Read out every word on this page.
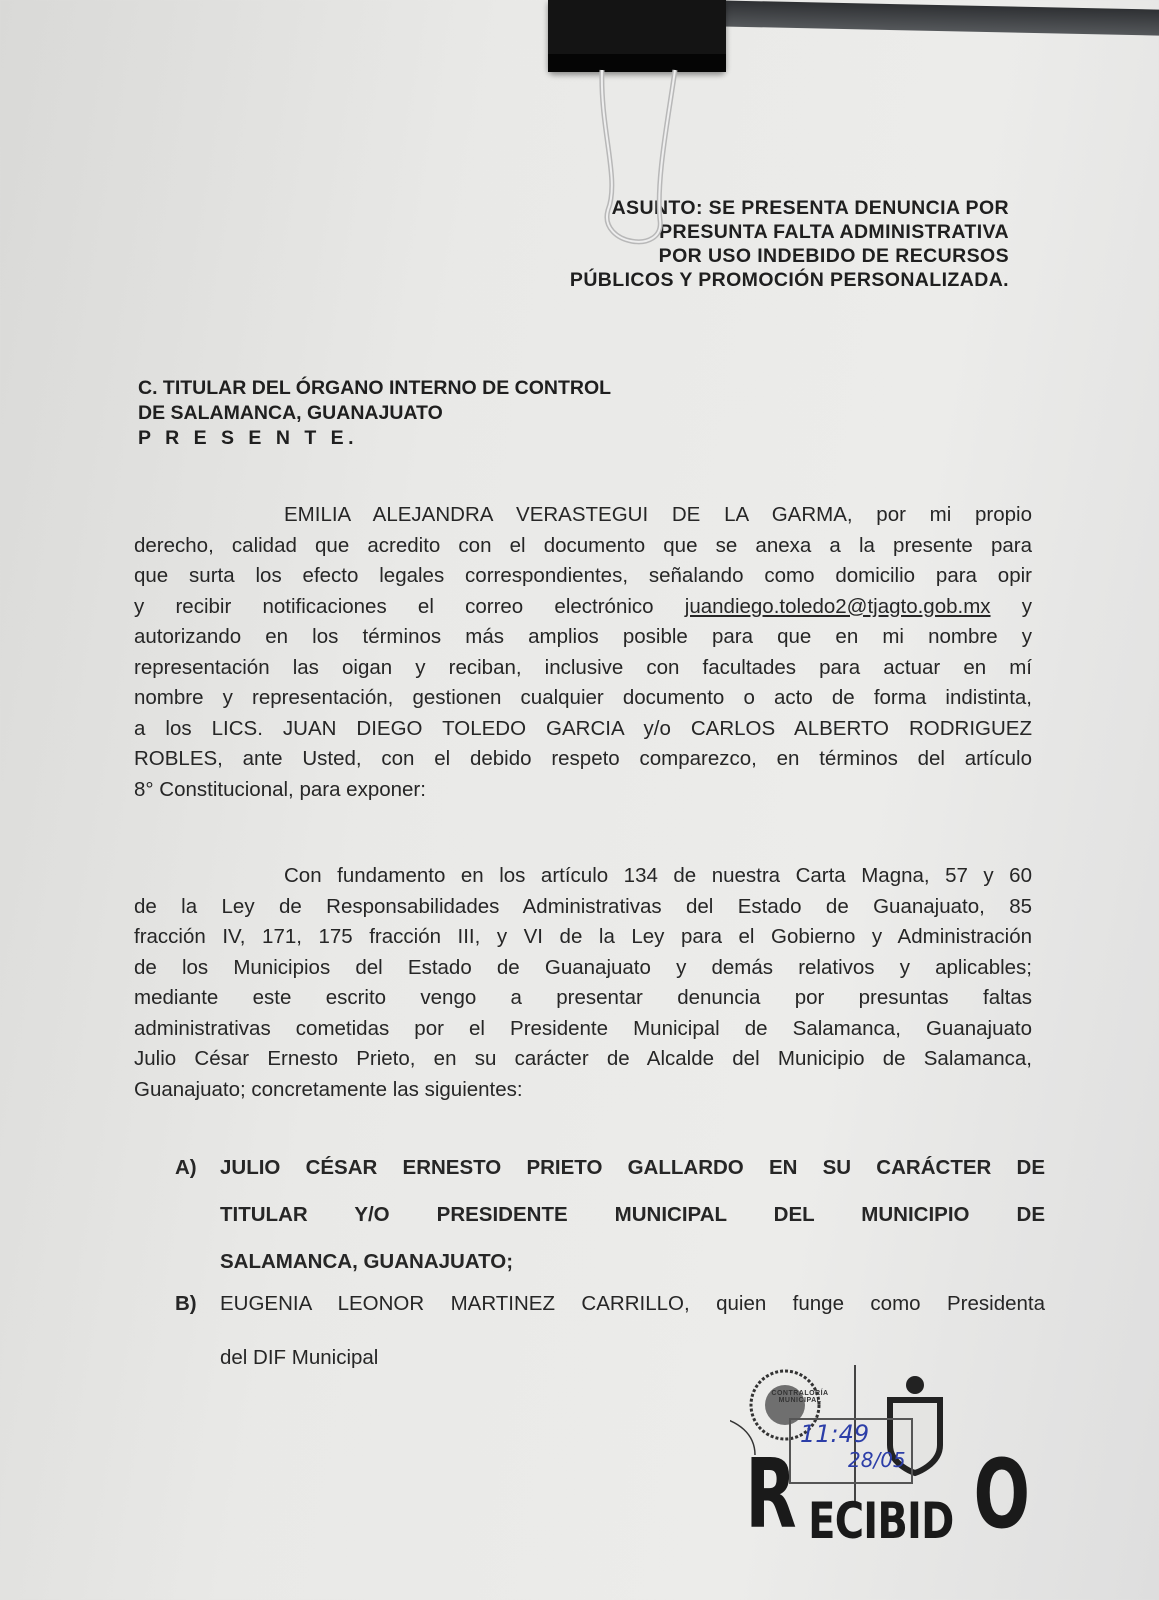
ASUNTO: SE PRESENTA DENUNCIA POR
PRESUNTA FALTA ADMINISTRATIVA
POR USO INDEBIDO DE RECURSOS
PÚBLICOS Y PROMOCIÓN PERSONALIZADA.
C. TITULAR DEL ÓRGANO INTERNO DE CONTROL
DE SALAMANCA, GUANAJUATO
P R E S E N T E.
EMILIA ALEJANDRA VERASTEGUI DE LA GARMA, por mi propio
derecho, calidad que acredito con el documento que se anexa a la presente para
que surta los efecto legales correspondientes, señalando como domicilio para opir
y recibir notificaciones el correo electrónico juandiego.toledo2@tjagto.gob.mx y
autorizando en los términos más amplios posible para que en mi nombre y
representación las oigan y reciban, inclusive con facultades para actuar en mí
nombre y representación, gestionen cualquier documento o acto de forma indistinta,
a los LICS. JUAN DIEGO TOLEDO GARCIA y/o CARLOS ALBERTO RODRIGUEZ
ROBLES, ante Usted, con el debido respeto comparezco, en términos del artículo
8° Constitucional, para exponer:
Con fundamento en los artículo 134 de nuestra Carta Magna, 57 y 60
de la Ley de Responsabilidades Administrativas del Estado de Guanajuato, 85
fracción IV, 171, 175 fracción III, y VI de la Ley para el Gobierno y Administración
de los Municipios del Estado de Guanajuato y demás relativos y aplicables;
mediante este escrito vengo a presentar denuncia por presuntas faltas
administrativas cometidas por el Presidente Municipal de Salamanca, Guanajuato
Julio César Ernesto Prieto, en su carácter de Alcalde del Municipio de Salamanca,
Guanajuato; concretamente las siguientes:
A) JULIO CÉSAR ERNESTO PRIETO GALLARDO EN SU CARÁCTER DE
TITULAR Y/O PRESIDENTE MUNICIPAL DEL MUNICIPIO DE
SALAMANCA, GUANAJUATO;
B) EUGENIA LEONOR MARTINEZ CARRILLO, quien funge como Presidenta
del DIF Municipal
CONTRALORÍA MUNICIPAL
R ECIBID O
11:49
28/05
